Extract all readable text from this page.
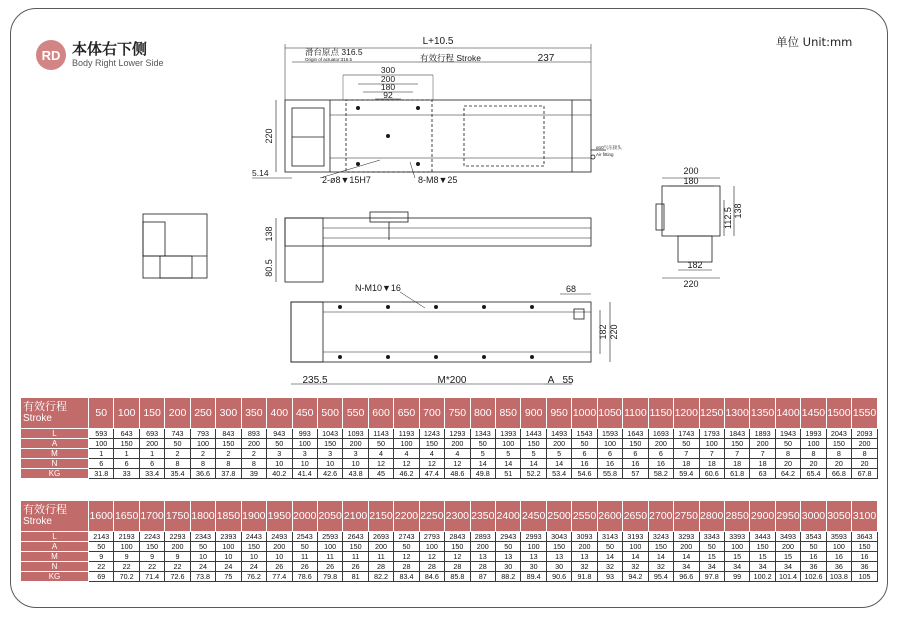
RD 本体右下侧
Body Right Lower Side
单位 Unit:mm
L+10.5
滑台原点 316.5
Origin of actuator:316.5	有效行程 Stroke	237
300
200
180
92
220
5.14
2-ø8▼15H7	8-M8▼25
ø10气压接头
Air fitting
138
80.5
200
180
112.5 138
182
220
N-M10▼16	68
182 220
235.5	M*200	A 55
有效行程
Stroke	50	100	150	200	250	300	350	400	450	500	550	600	650	700	750	800	850	900	950	1000	1050	1100	1150	1200	1250	1300	1350	1400	1450	1500	1550
L	593	643	693	743	793	843	893	943	993	1043	1093	1143	1193	1243	1293	1343	1393	1443	1493	1543	1593	1643	1693	1743	1793	1843	1893	1943	1993	2043	2093
A	100	150	200	50	100	150	200	50	100	150	200	50	100	150	200	50	100	150	200	50	100	150	200	50	100	150	200	50	100	150	200
M	1	1	1	2	2	2	2	3	3	3	3	4	4	4	4	5	5	5	5	6	6	6	6	7	7	7	7	8	8	8	8
N	6	6	6	8	8	8	8	10	10	10	10	12	12	12	12	14	14	14	14	16	16	16	16	18	18	18	18	20	20	20	20
KG	31.8	33	33.4	35.4	36.6	37.8	39	40.2	41.4	42.6	43.8	45	46.2	47.4	48.6	49.8	51	52.2	53.4	54.6	55.8	57	58.2	59.4	60.6	61.8	63	64.2	65.4	66.8	67.8
有效行程
Stroke	1600	1650	1700	1750	1800	1850	1900	1950	2000	2050	2100	2150	2200	2250	2300	2350	2400	2450	2500	2550	2600	2650	2700	2750	2800	2850	2900	2950	3000	3050	3100
L	2143	2193	2243	2293	2343	2393	2443	2493	2543	2593	2643	2693	2743	2793	2843	2893	2943	2993	3043	3093	3143	3193	3243	3293	3343	3393	3443	3493	3543	3593	3643
A	50	100	150	200	50	100	150	200	50	100	150	200	50	100	150	200	50	100	150	200	50	100	150	200	50	100	150	200	50	100	150
M	9	9	9	9	10	10	10	10	11	11	11	11	12	12	12	13	13	13	13	13	14	14	14	14	15	15	15	15	16	16	16
N	22	22	22	22	24	24	24	26	26	26	26	28	28	28	28	28	30	30	30	32	32	32	32	34	34	34	34	34	36	36	36
KG	69	70.2	71.4	72.6	73.8	75	76.2	77.4	78.6	79.8	81	82.2	83.4	84.6	85.8	87	88.2	89.4	90.6	91.8	93	94.2	95.4	96.6	97.8	99	100.2	101.4	102.6	103.8	105
